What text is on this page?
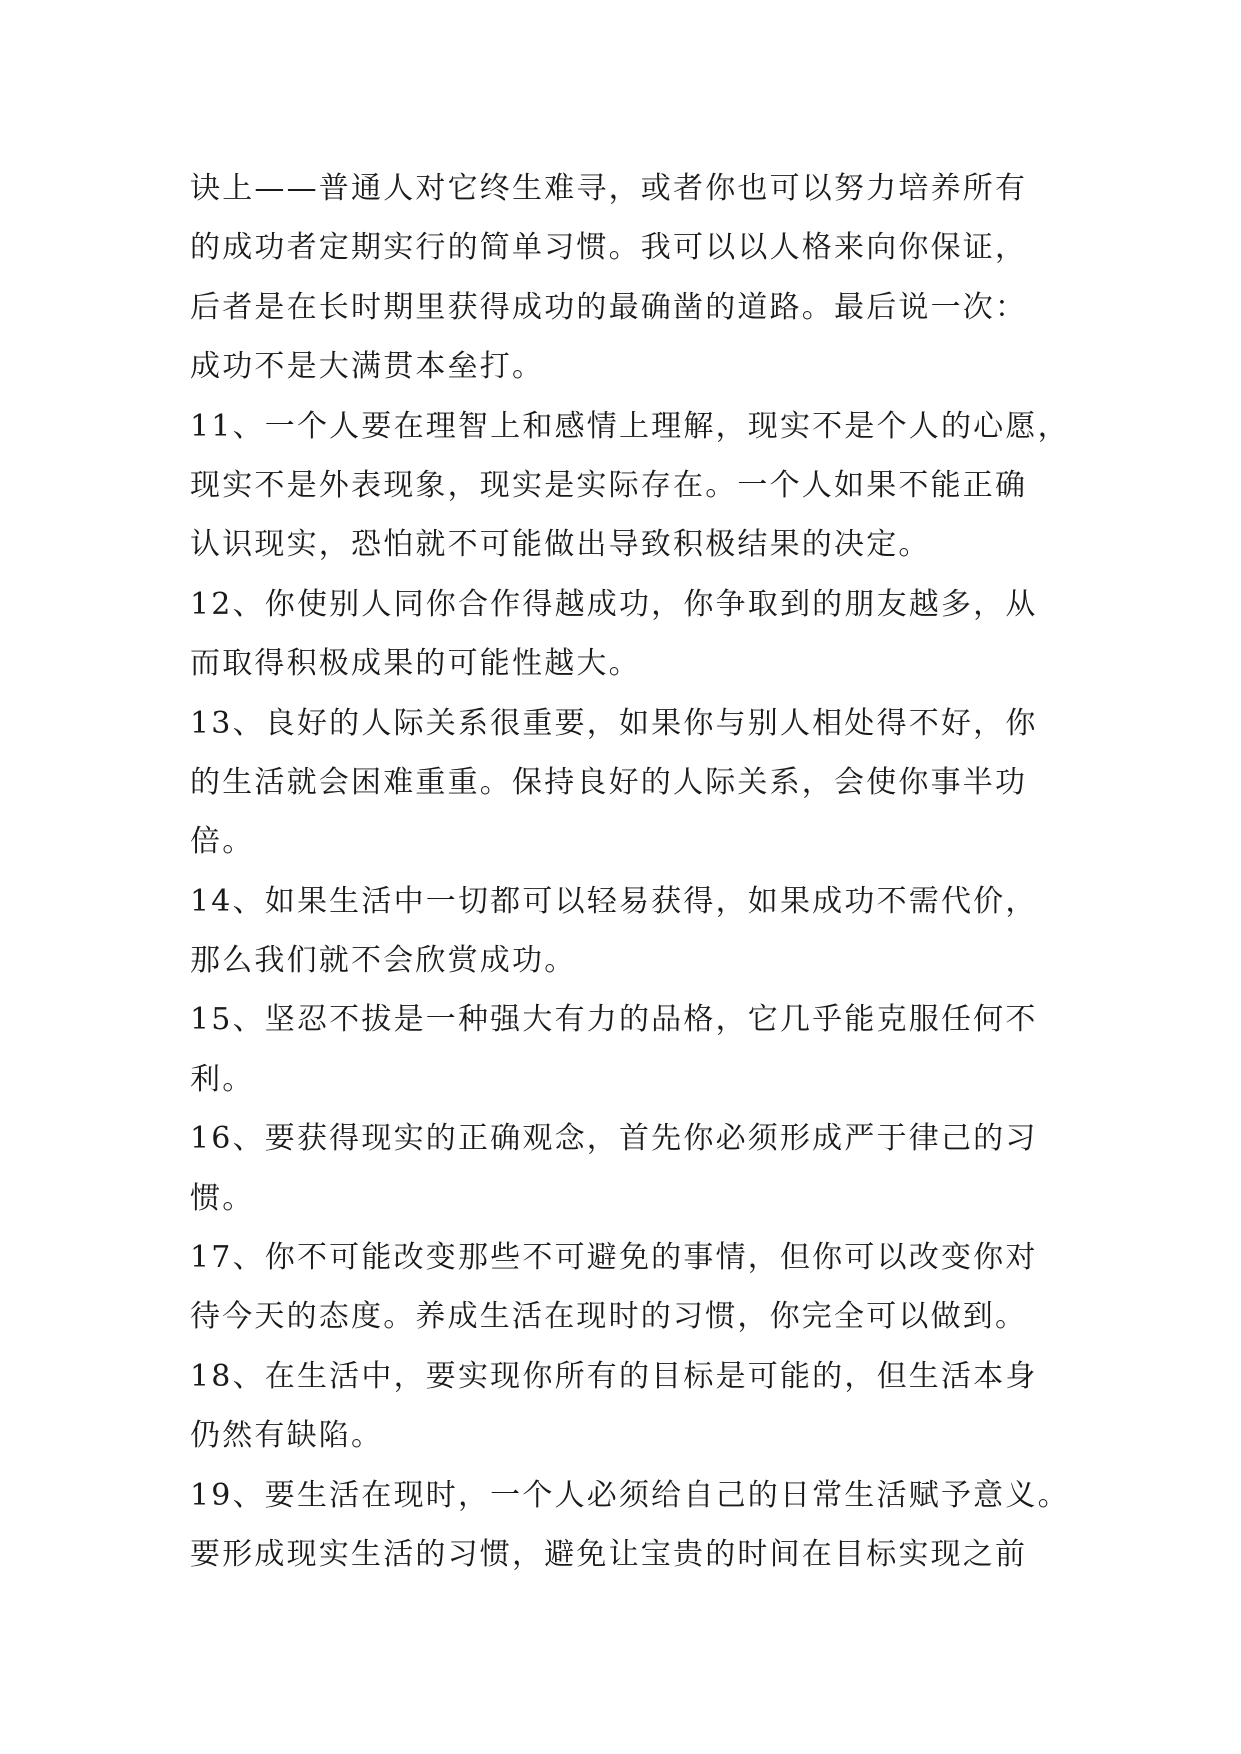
诀上——普通人对它终生难寻，或者你也可以努力培养所有
的成功者定期实行的简单习惯。我可以以人格来向你保证，
后者是在长时期里获得成功的最确凿的道路。最后说一次：
成功不是大满贯本垒打。
11、一个人要在理智上和感情上理解，现实不是个人的心愿，
现实不是外表现象，现实是实际存在。一个人如果不能正确
认识现实，恐怕就不可能做出导致积极结果的决定。
12、你使别人同你合作得越成功，你争取到的朋友越多，从
而取得积极成果的可能性越大。
13、良好的人际关系很重要，如果你与别人相处得不好，你
的生活就会困难重重。保持良好的人际关系，会使你事半功
倍。
14、如果生活中一切都可以轻易获得，如果成功不需代价，
那么我们就不会欣赏成功。
15、坚忍不拔是一种强大有力的品格，它几乎能克服任何不
利。
16、要获得现实的正确观念，首先你必须形成严于律己的习
惯。
17、你不可能改变那些不可避免的事情，但你可以改变你对
待今天的态度。养成生活在现时的习惯，你完全可以做到。
18、在生活中，要实现你所有的目标是可能的，但生活本身
仍然有缺陷。
19、要生活在现时，一个人必须给自己的日常生活赋予意义。
要形成现实生活的习惯，避免让宝贵的时间在目标实现之前
